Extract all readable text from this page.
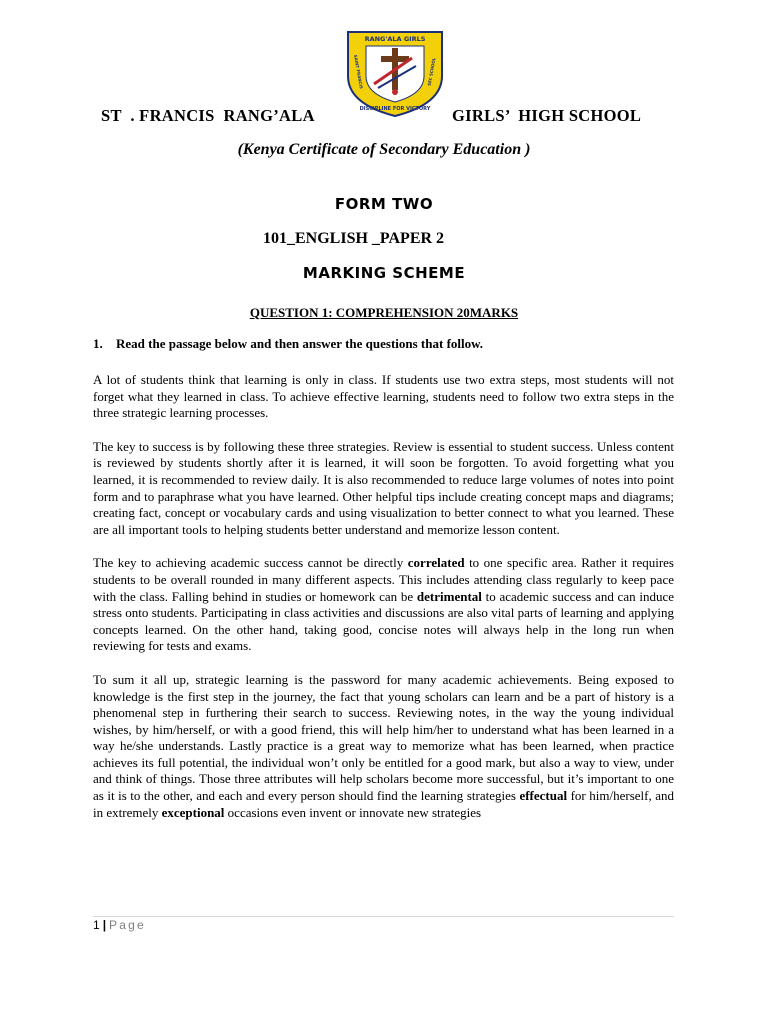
RANG'ALA GIRLS
SAINT FRANCIS	SEC SCHOOL
DISCIPLINE FOR VICTORY
ST  . FRANCIS  RANG’ALA	GIRLS’  HIGH SCHOOL
(Kenya Certificate of Secondary Education )
FORM TWO
101_ENGLISH _PAPER 2
MARKING SCHEME
QUESTION 1: COMPREHENSION 20MARKS
1. Read the passage below and then answer the questions that follow.

A lot of students think that learning is only in class. If students use two extra steps, most students will not forget what they learned in class. To achieve effective learning, students need to follow two extra steps in the three strategic learning processes.

The key to success is by following these three strategies. Review is essential to student success. Unless content is reviewed by students shortly after it is learned, it will soon be forgotten. To avoid forgetting what you learned, it is recommended to review daily. It is also recommended to reduce large volumes of notes into point form and to paraphrase what you have learned. Other helpful tips include creating concept maps and diagrams; creating fact, concept or vocabulary cards and using visualization to better connect to what you learned. These are all important tools to helping students better understand and memorize lesson content.

The key to achieving academic success cannot be directly correlated to one specific area. Rather it requires students to be overall rounded in many different aspects. This includes attending class regularly to keep pace with the class. Falling behind in studies or homework can be detrimental to academic success and can induce stress onto students. Participating in class activities and discussions are also vital parts of learning and applying concepts learned. On the other hand, taking good, concise notes will always help in the long run when reviewing for tests and exams.

To sum it all up, strategic learning is the password for many academic achievements. Being exposed to knowledge is the first step in the journey, the fact that young scholars can learn and be a part of history is a phenomenal step in furthering their search to success. Reviewing notes, in the way the young individual wishes, by him/herself, or with a good friend, this will help him/her to understand what has been learned in a way he/she understands. Lastly practice is a great way to memorize what has been learned, when practice achieves its full potential, the individual won’t only be entitled for a good mark, but also a way to view, under and think of things. Those three attributes will help scholars become more successful, but it’s important to one as it is to the other, and each and every person should find the learning strategies effectual for him/herself, and in extremely exceptional occasions even invent or innovate new strategies

1 | Page
